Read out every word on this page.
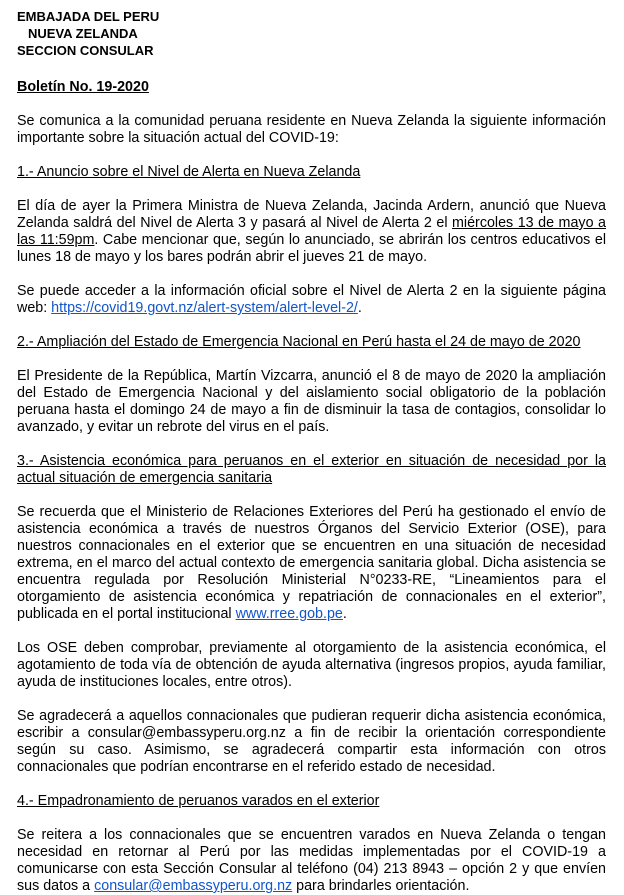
EMBAJADA DEL PERU
NUEVA ZELANDA
SECCION CONSULAR
Boletín No. 19-2020

Se comunica a la comunidad peruana residente en Nueva Zelanda la siguiente información importante sobre la situación actual del COVID-19:

1.- Anuncio sobre el Nivel de Alerta en Nueva Zelanda

El día de ayer la Primera Ministra de Nueva Zelanda, Jacinda Ardern, anunció que Nueva Zelanda saldrá del Nivel de Alerta 3 y pasará al Nivel de Alerta 2 el miércoles 13 de mayo a las 11:59pm. Cabe mencionar que, según lo anunciado, se abrirán los centros educativos el lunes 18 de mayo y los bares podrán abrir el jueves 21 de mayo.

Se puede acceder a la información oficial sobre el Nivel de Alerta 2 en la siguiente página web: https://covid19.govt.nz/alert-system/alert-level-2/.

2.- Ampliación del Estado de Emergencia Nacional en Perú hasta el 24 de mayo de 2020

El Presidente de la República, Martín Vizcarra, anunció el 8 de mayo de 2020 la ampliación del Estado de Emergencia Nacional y del aislamiento social obligatorio de la población peruana hasta el domingo 24 de mayo a fin de disminuir la tasa de contagios, consolidar lo avanzado, y evitar un rebrote del virus en el país.

3.- Asistencia económica para peruanos en el exterior en situación de necesidad por la actual situación de emergencia sanitaria

Se recuerda que el Ministerio de Relaciones Exteriores del Perú ha gestionado el envío de asistencia económica a través de nuestros Órganos del Servicio Exterior (OSE), para nuestros connacionales en el exterior que se encuentren en una situación de necesidad extrema, en el marco del actual contexto de emergencia sanitaria global. Dicha asistencia se encuentra regulada por Resolución Ministerial N°0233-RE, “Lineamientos para el otorgamiento de asistencia económica y repatriación de connacionales en el exterior”, publicada en el portal institucional www.rree.gob.pe.

Los OSE deben comprobar, previamente al otorgamiento de la asistencia económica, el agotamiento de toda vía de obtención de ayuda alternativa (ingresos propios, ayuda familiar, ayuda de instituciones locales, entre otros).

Se agradecerá a aquellos connacionales que pudieran requerir dicha asistencia económica, escribir a consular@embassyperu.org.nz a fin de recibir la orientación correspondiente según su caso. Asimismo, se agradecerá compartir esta información con otros connacionales que podrían encontrarse en el referido estado de necesidad.

4.- Empadronamiento de peruanos varados en el exterior

Se reitera a los connacionales que se encuentren varados en Nueva Zelanda o tengan necesidad en retornar al Perú por las medidas implementadas por el COVID-19 a comunicarse con esta Sección Consular al teléfono (04) 213 8943 – opción 2 y que envíen sus datos a consular@embassyperu.org.nz para brindarles orientación.
